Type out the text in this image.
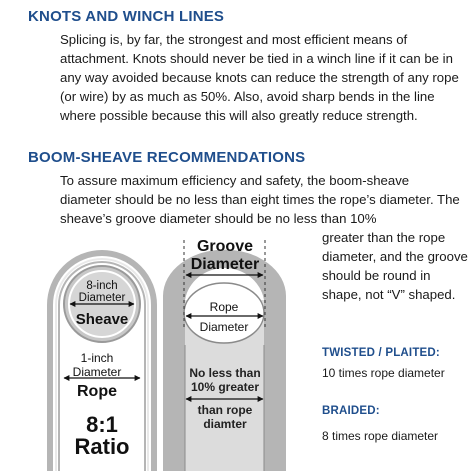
KNOTS AND WINCH LINES

Splicing is, by far, the strongest and most efficient means of attachment. Knots should never be tied in a winch line if it can be in any way avoided because knots can reduce the strength of any rope (or wire) by as much as 50%. Also, avoid sharp bends in the line where possible because this will also greatly reduce strength.

BOOM-SHEAVE RECOMMENDATIONS

To assure maximum efficiency and safety, the boom-sheave diameter should be no less than eight times the rope’s diameter. The sheave’s groove diameter should be no less than 10%

greater than the rope diameter, and the groove should be round in shape, not “V” shaped.

TWISTED / PLAITED:

10 times rope diameter

BRAIDED:

8 times rope diameter

8-inch
Diameter
Sheave
1-inch
Diameter
Rope
8:1
Ratio
Groove
Diameter
Rope
Diameter
No less than
10% greater
than rope
diamter
